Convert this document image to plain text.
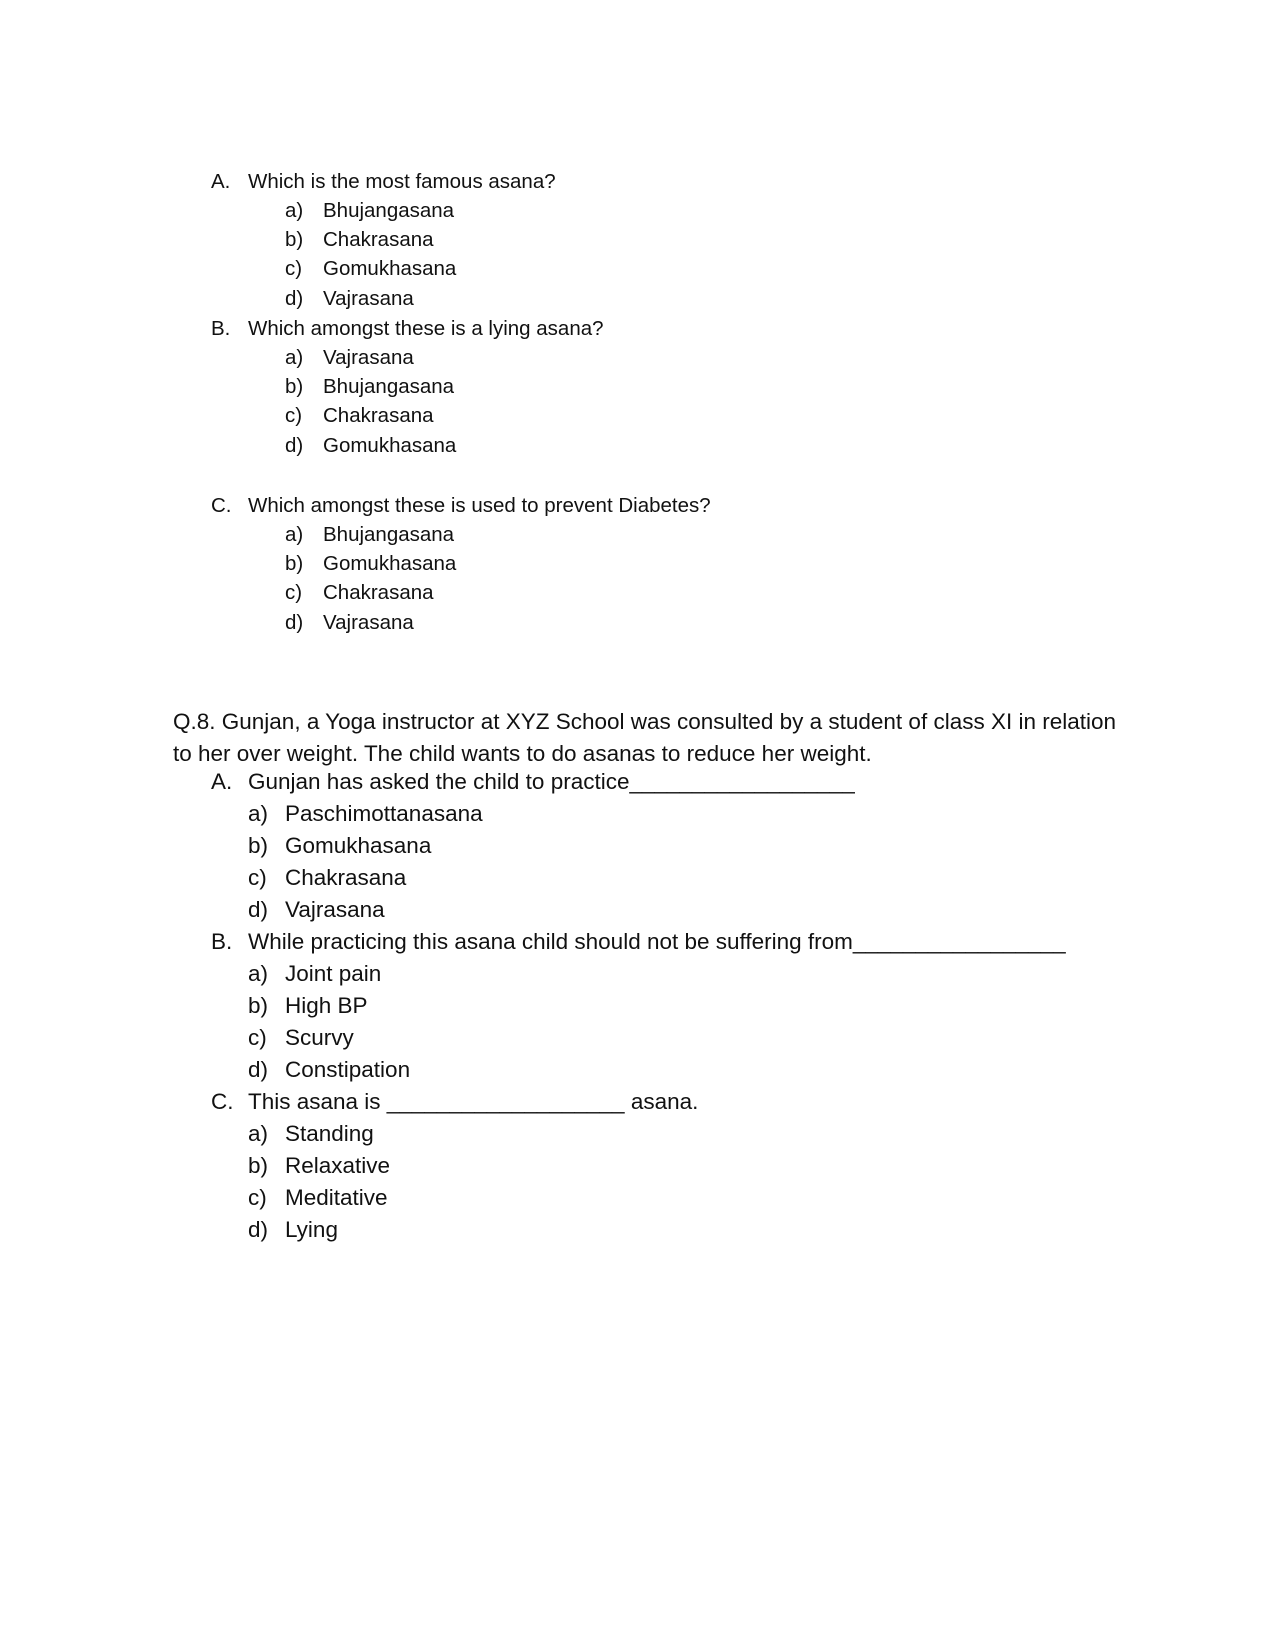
A. Which is the most famous asana?
a) Bhujangasana
b) Chakrasana
c) Gomukhasana
d) Vajrasana
B. Which amongst these is a lying asana?
a) Vajrasana
b) Bhujangasana
c) Chakrasana
d) Gomukhasana
C. Which amongst these is used to prevent Diabetes?
a) Bhujangasana
b) Gomukhasana
c) Chakrasana
d) Vajrasana
Q.8. Gunjan, a Yoga instructor at XYZ School was consulted by a student of class XI in relation
to her over weight. The child wants to do asanas to reduce her weight.
A. Gunjan has asked the child to practice__________________
a) Paschimottanasana
b) Gomukhasana
c) Chakrasana
d) Vajrasana
B. While practicing this asana child should not be suffering from_________________
a) Joint pain
b) High BP
c) Scurvy
d) Constipation
C. This asana is ___________________ asana.
a) Standing
b) Relaxative
c) Meditative
d) Lying
